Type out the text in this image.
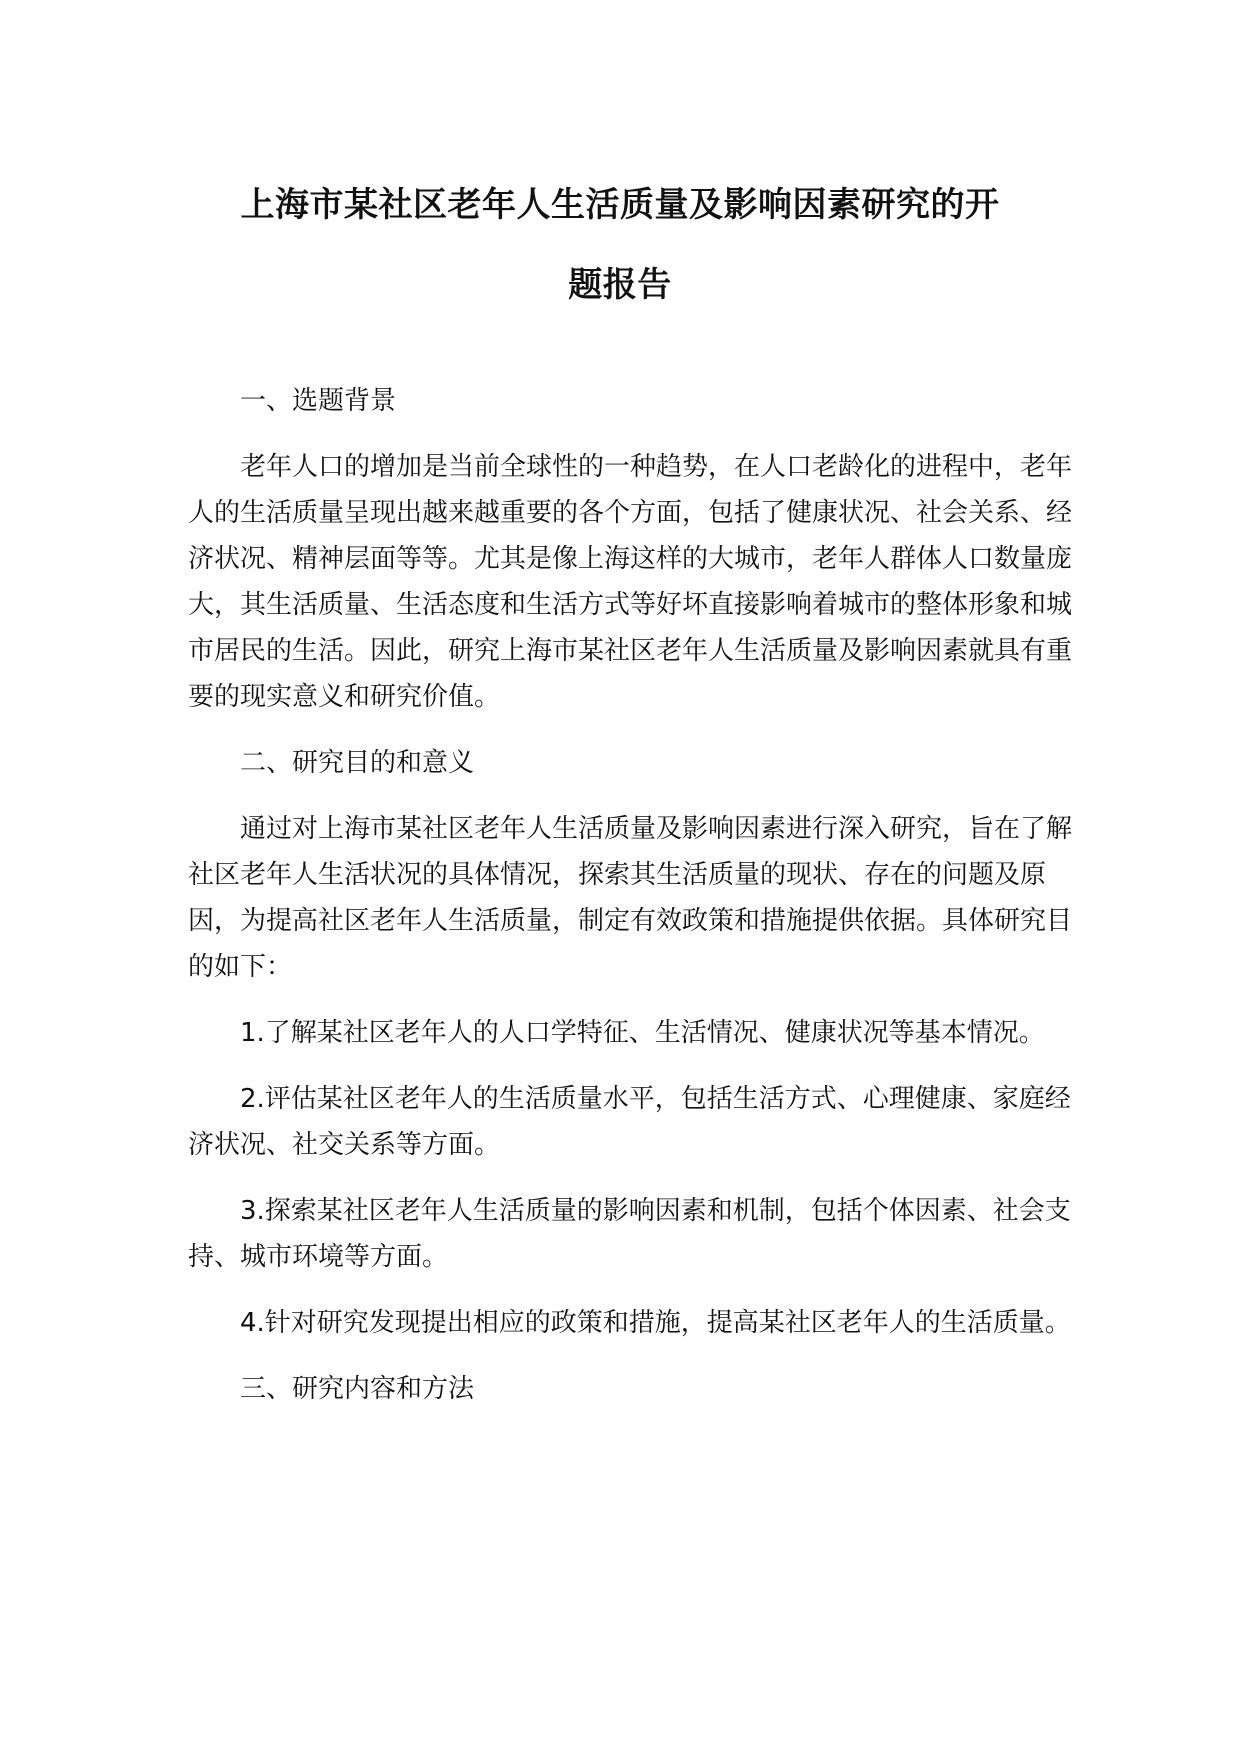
上海市某社区老年人生活质量及影响因素研究的开
题报告

一、选题背景

老年人口的增加是当前全球性的一种趋势，在人口老龄化的进程中，老年人的生活质量呈现出越来越重要的各个方面，包括了健康状况、社会关系、经济状况、精神层面等等。尤其是像上海这样的大城市，老年人群体人口数量庞大，其生活质量、生活态度和生活方式等好坏直接影响着城市的整体形象和城市居民的生活。因此，研究上海市某社区老年人生活质量及影响因素就具有重要的现实意义和研究价值。

二、研究目的和意义

通过对上海市某社区老年人生活质量及影响因素进行深入研究，旨在了解社区老年人生活状况的具体情况，探索其生活质量的现状、存在的问题及原因，为提高社区老年人生活质量，制定有效政策和措施提供依据。具体研究目的如下：

1.了解某社区老年人的人口学特征、生活情况、健康状况等基本情况。

2.评估某社区老年人的生活质量水平，包括生活方式、心理健康、家庭经济状况、社交关系等方面。

3.探索某社区老年人生活质量的影响因素和机制，包括个体因素、社会支持、城市环境等方面。

4.针对研究发现提出相应的政策和措施，提高某社区老年人的生活质量。

三、研究内容和方法
